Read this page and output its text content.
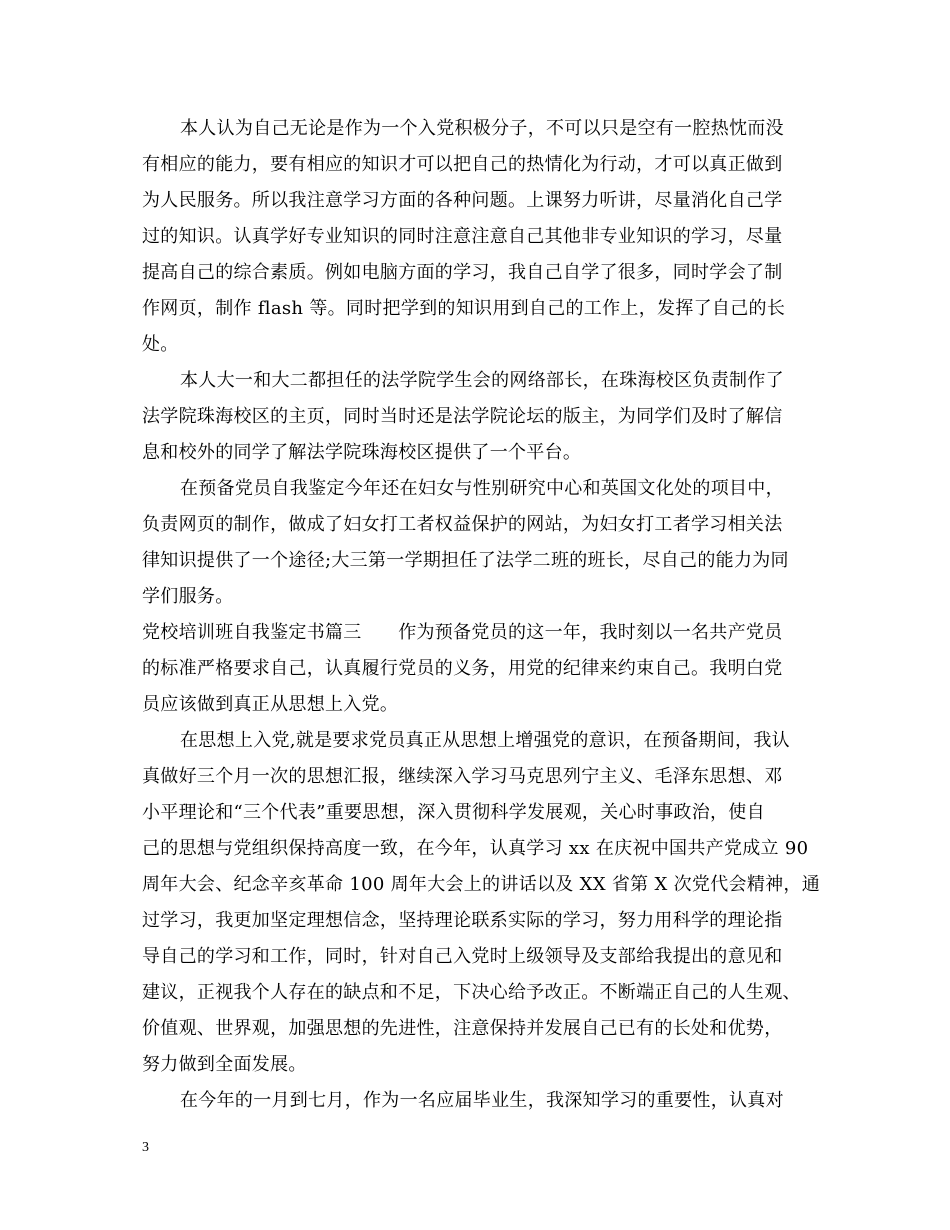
本人认为自己无论是作为一个入党积极分子，不可以只是空有一腔热忱而没
有相应的能力，要有相应的知识才可以把自己的热情化为行动，才可以真正做到
为人民服务。所以我注意学习方面的各种问题。上课努力听讲，尽量消化自己学
过的知识。认真学好专业知识的同时注意注意自己其他非专业知识的学习，尽量
提高自己的综合素质。例如电脑方面的学习，我自己自学了很多，同时学会了制
作网页，制作 flash 等。同时把学到的知识用到自己的工作上，发挥了自己的长
处。
本人大一和大二都担任的法学院学生会的网络部长，在珠海校区负责制作了
法学院珠海校区的主页，同时当时还是法学院论坛的版主，为同学们及时了解信
息和校外的同学了解法学院珠海校区提供了一个平台。
在预备党员自我鉴定今年还在妇女与性别研究中心和英国文化处的项目中，
负责网页的制作，做成了妇女打工者权益保护的网站，为妇女打工者学习相关法
律知识提供了一个途径;大三第一学期担任了法学二班的班长，尽自己的能力为同
学们服务。
党校培训班自我鉴定书篇三　　作为预备党员的这一年，我时刻以一名共产党员
的标准严格要求自己，认真履行党员的义务，用党的纪律来约束自己。我明白党
员应该做到真正从思想上入党。
在思想上入党,就是要求党员真正从思想上增强党的意识，在预备期间，我认
真做好三个月一次的思想汇报，继续深入学习马克思列宁主义、毛泽东思想、邓
小平理论和“三个代表”重要思想，深入贯彻科学发展观，关心时事政治，使自
己的思想与党组织保持高度一致，在今年，认真学习 xx 在庆祝中国共产党成立 90
周年大会、纪念辛亥革命 100 周年大会上的讲话以及 XX 省第 X 次党代会精神，通
过学习，我更加坚定理想信念，坚持理论联系实际的学习，努力用科学的理论指
导自己的学习和工作，同时，针对自己入党时上级领导及支部给我提出的意见和
建议，正视我个人存在的缺点和不足，下决心给予改正。不断端正自己的人生观、
价值观、世界观，加强思想的先进性，注意保持并发展自己已有的长处和优势，
努力做到全面发展。
在今年的一月到七月，作为一名应届毕业生，我深知学习的重要性，认真对
3
